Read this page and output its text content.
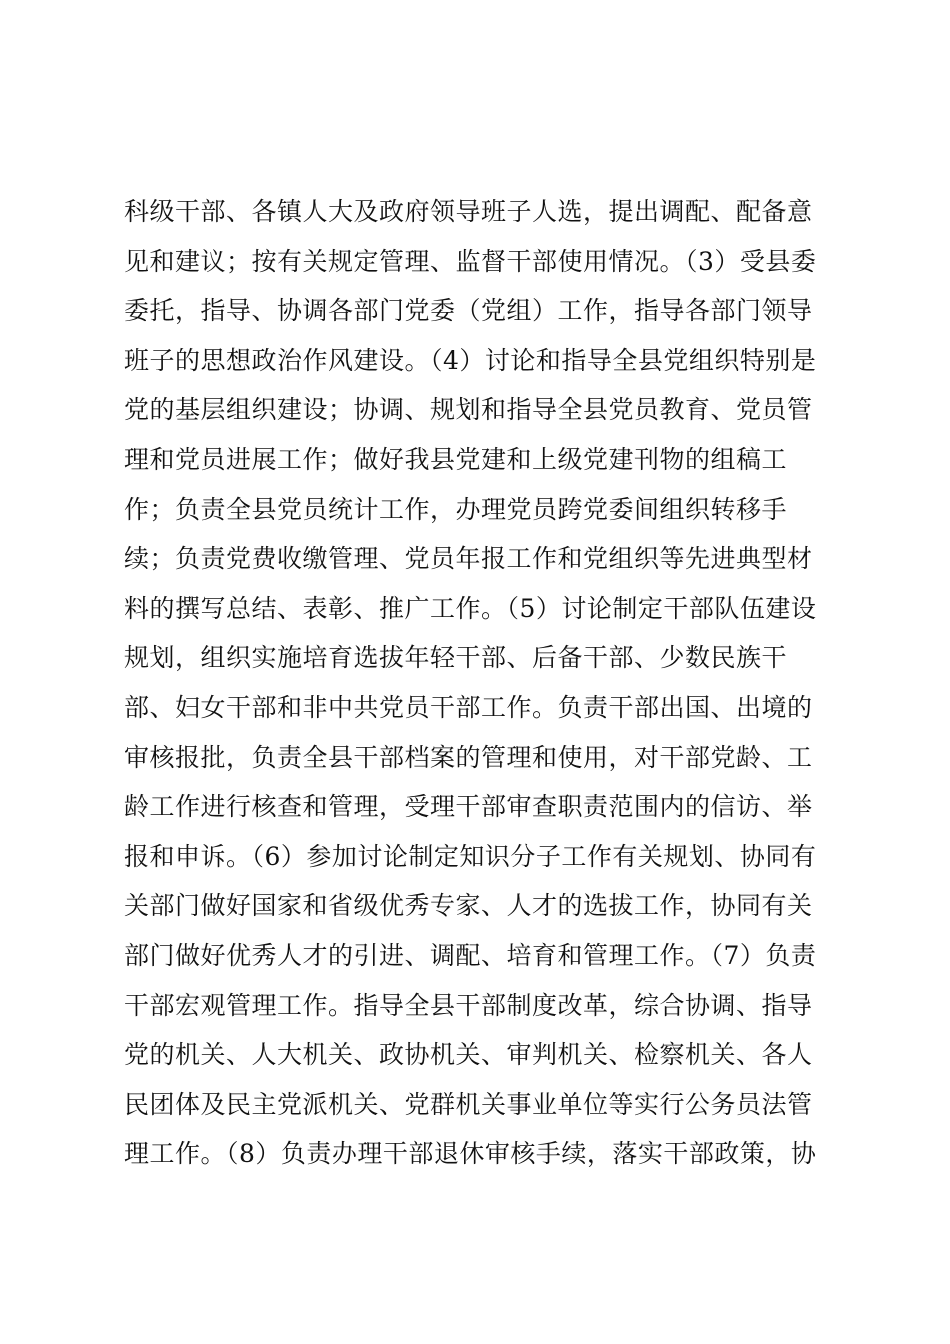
科级干部、各镇人大及政府领导班子人选，提出调配、配备意
见和建议；按有关规定管理、监督干部使用情况。（3）受县委
委托，指导、协调各部门党委（党组）工作，指导各部门领导
班子的思想政治作风建设。（4）讨论和指导全县党组织特别是
党的基层组织建设；协调、规划和指导全县党员教育、党员管
理和党员进展工作；做好我县党建和上级党建刊物的组稿工
作；负责全县党员统计工作，办理党员跨党委间组织转移手
续；负责党费收缴管理、党员年报工作和党组织等先进典型材
料的撰写总结、表彰、推广工作。（5）讨论制定干部队伍建设
规划，组织实施培育选拔年轻干部、后备干部、少数民族干
部、妇女干部和非中共党员干部工作。负责干部出国、出境的
审核报批，负责全县干部档案的管理和使用，对干部党龄、工
龄工作进行核查和管理，受理干部审查职责范围内的信访、举
报和申诉。（6）参加讨论制定知识分子工作有关规划、协同有
关部门做好国家和省级优秀专家、人才的选拔工作，协同有关
部门做好优秀人才的引进、调配、培育和管理工作。（7）负责
干部宏观管理工作。指导全县干部制度改革，综合协调、指导
党的机关、人大机关、政协机关、审判机关、检察机关、各人
民团体及民主党派机关、党群机关事业单位等实行公务员法管
理工作。（8）负责办理干部退休审核手续，落实干部政策，协
